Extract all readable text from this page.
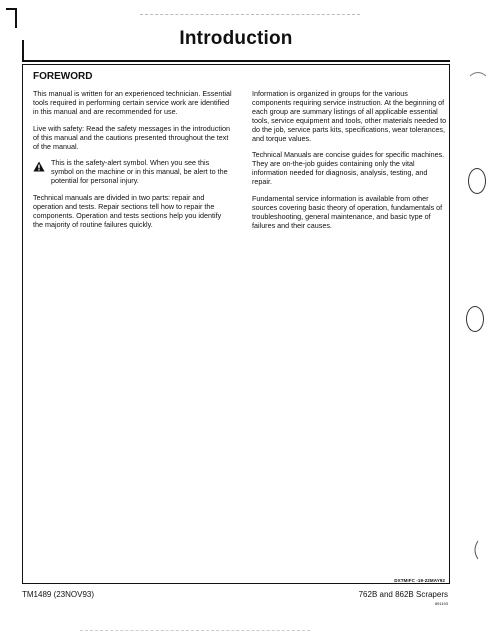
Introduction
FOREWORD

This manual is written for an experienced technician. Essential tools required in performing certain service work are identified in this manual and are recommended for use.

Live with safety: Read the safety messages in the introduction of this manual and the cautions presented throughout the text of the manual.

This is the safety-alert symbol. When you see this symbol on the machine or in this manual, be alert to the potential for personal injury.

Technical manuals are divided in two parts: repair and operation and tests. Repair sections tell how to repair the components. Operation and tests sections help you identify the majority of routine failures quickly.

Information is organized in groups for the various components requiring service instruction. At the beginning of each group are summary listings of all applicable essential tools, service equipment and tools, other materials needed to do the job, service parts kits, specifications, wear tolerances, and torque values.

Technical Manuals are concise guides for specific machines. They are on-the-job guides containing only the vital information needed for diagnosis, analysis, testing, and repair.

Fundamental service information is available from other sources covering basic theory of operation, fundamentals of troubleshooting, general maintenance, and basic type of failures and their causes.

DXTMIFC -19-22MAY92
TM1489 (23NOV93)	762B and 862B Scrapers
891193
